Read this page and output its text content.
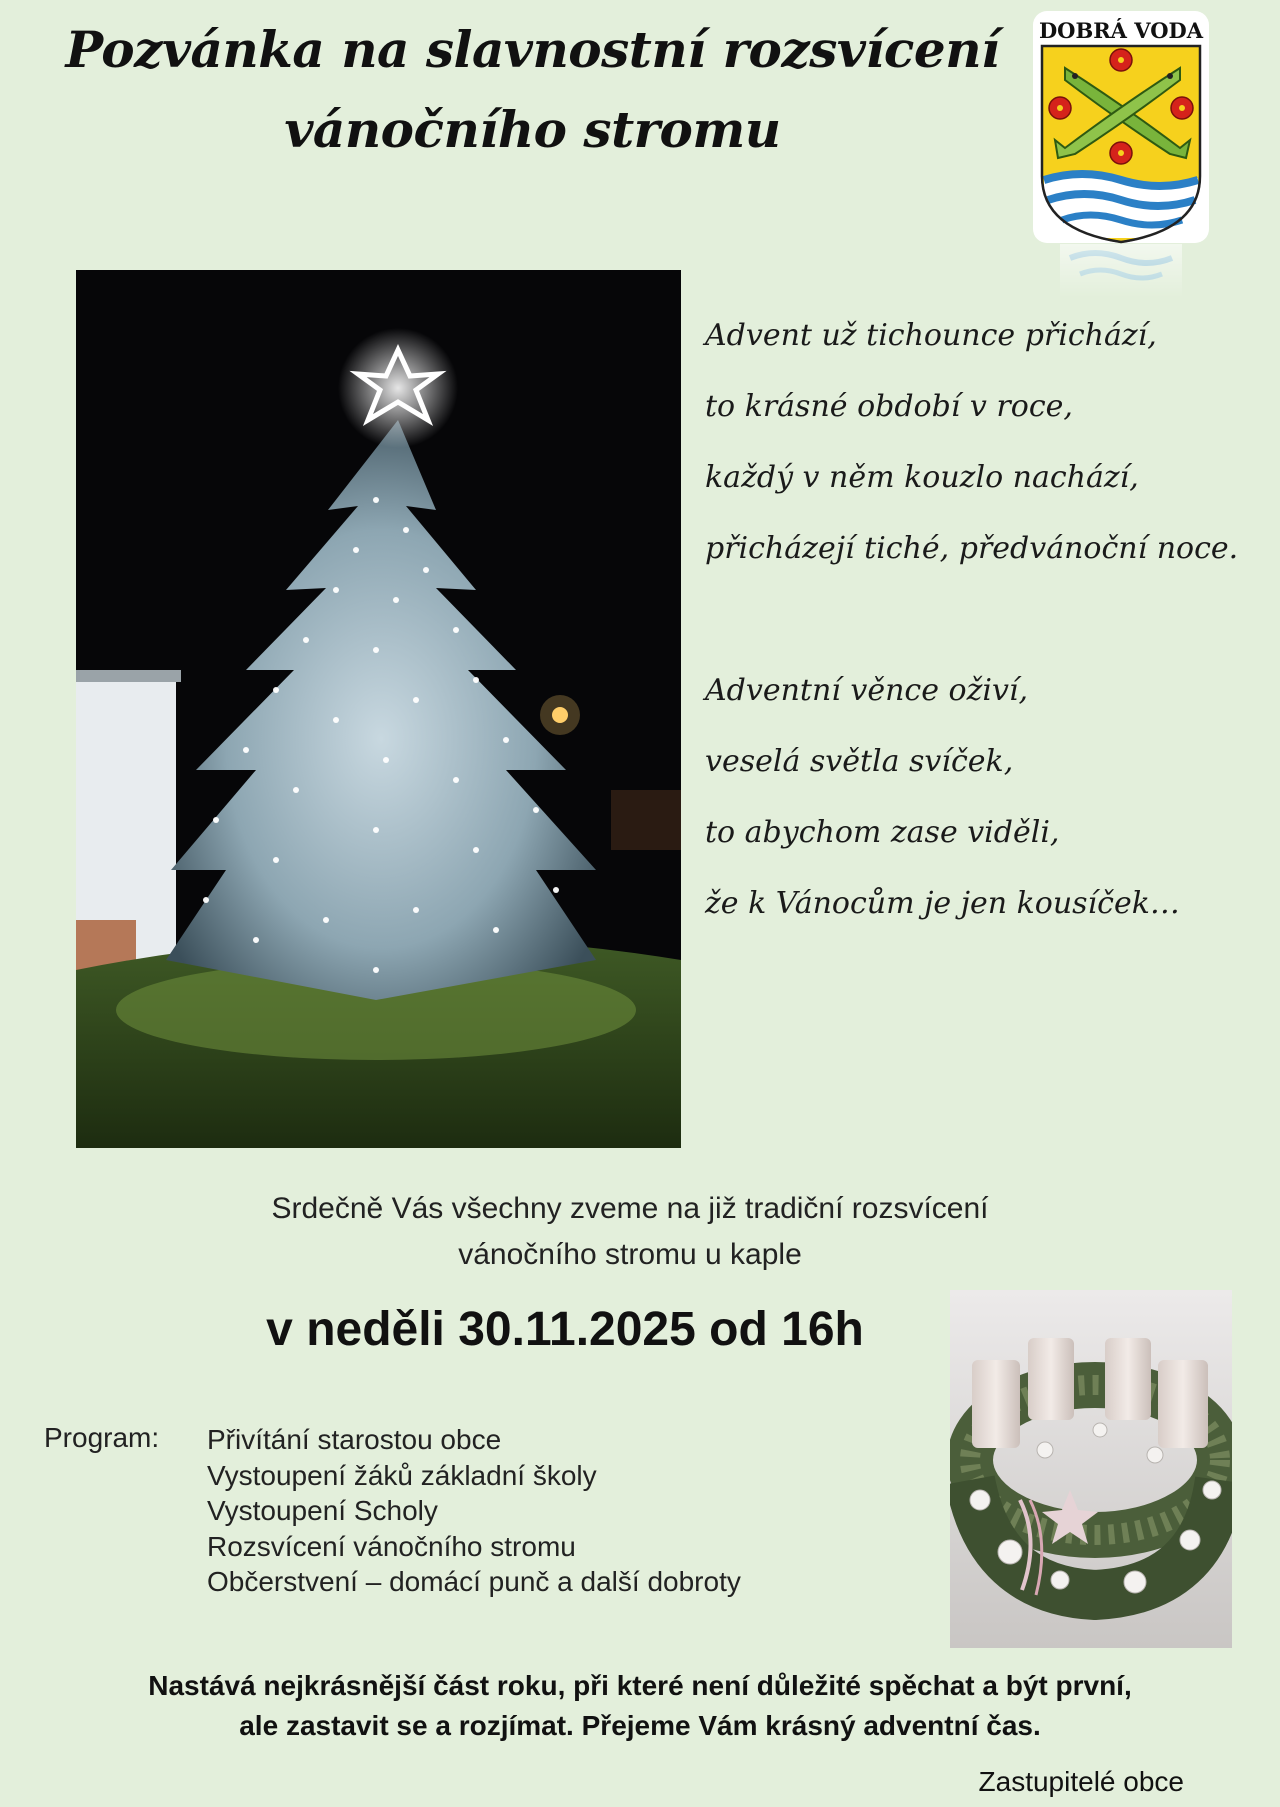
Pozvánka na slavnostní rozsvícení
vánočního stromu
DOBRÁ VODA
Advent už tichounce přichází,
to krásné období v roce,
každý v něm kouzlo nachází,
přicházejí tiché, předvánoční noce.
Adventní věnce oživí,
veselá světla svíček,
to abychom zase viděli,
že k Vánocům je jen kousíček…
Srdečně Vás všechny zveme na již tradiční rozsvícení
vánočního stromu u kaple
v neděli 30.11.2025 od 16h
Program: Přivítání starostou obce
Vystoupení žáků základní školy
Vystoupení Scholy
Rozsvícení vánočního stromu
Občerstvení – domácí punč a další dobroty
Nastává nejkrásnější část roku, při které není důležité spěchat a být první,
ale zastavit se a rozjímat. Přejeme Vám krásný adventní čas.
Zastupitelé obce
